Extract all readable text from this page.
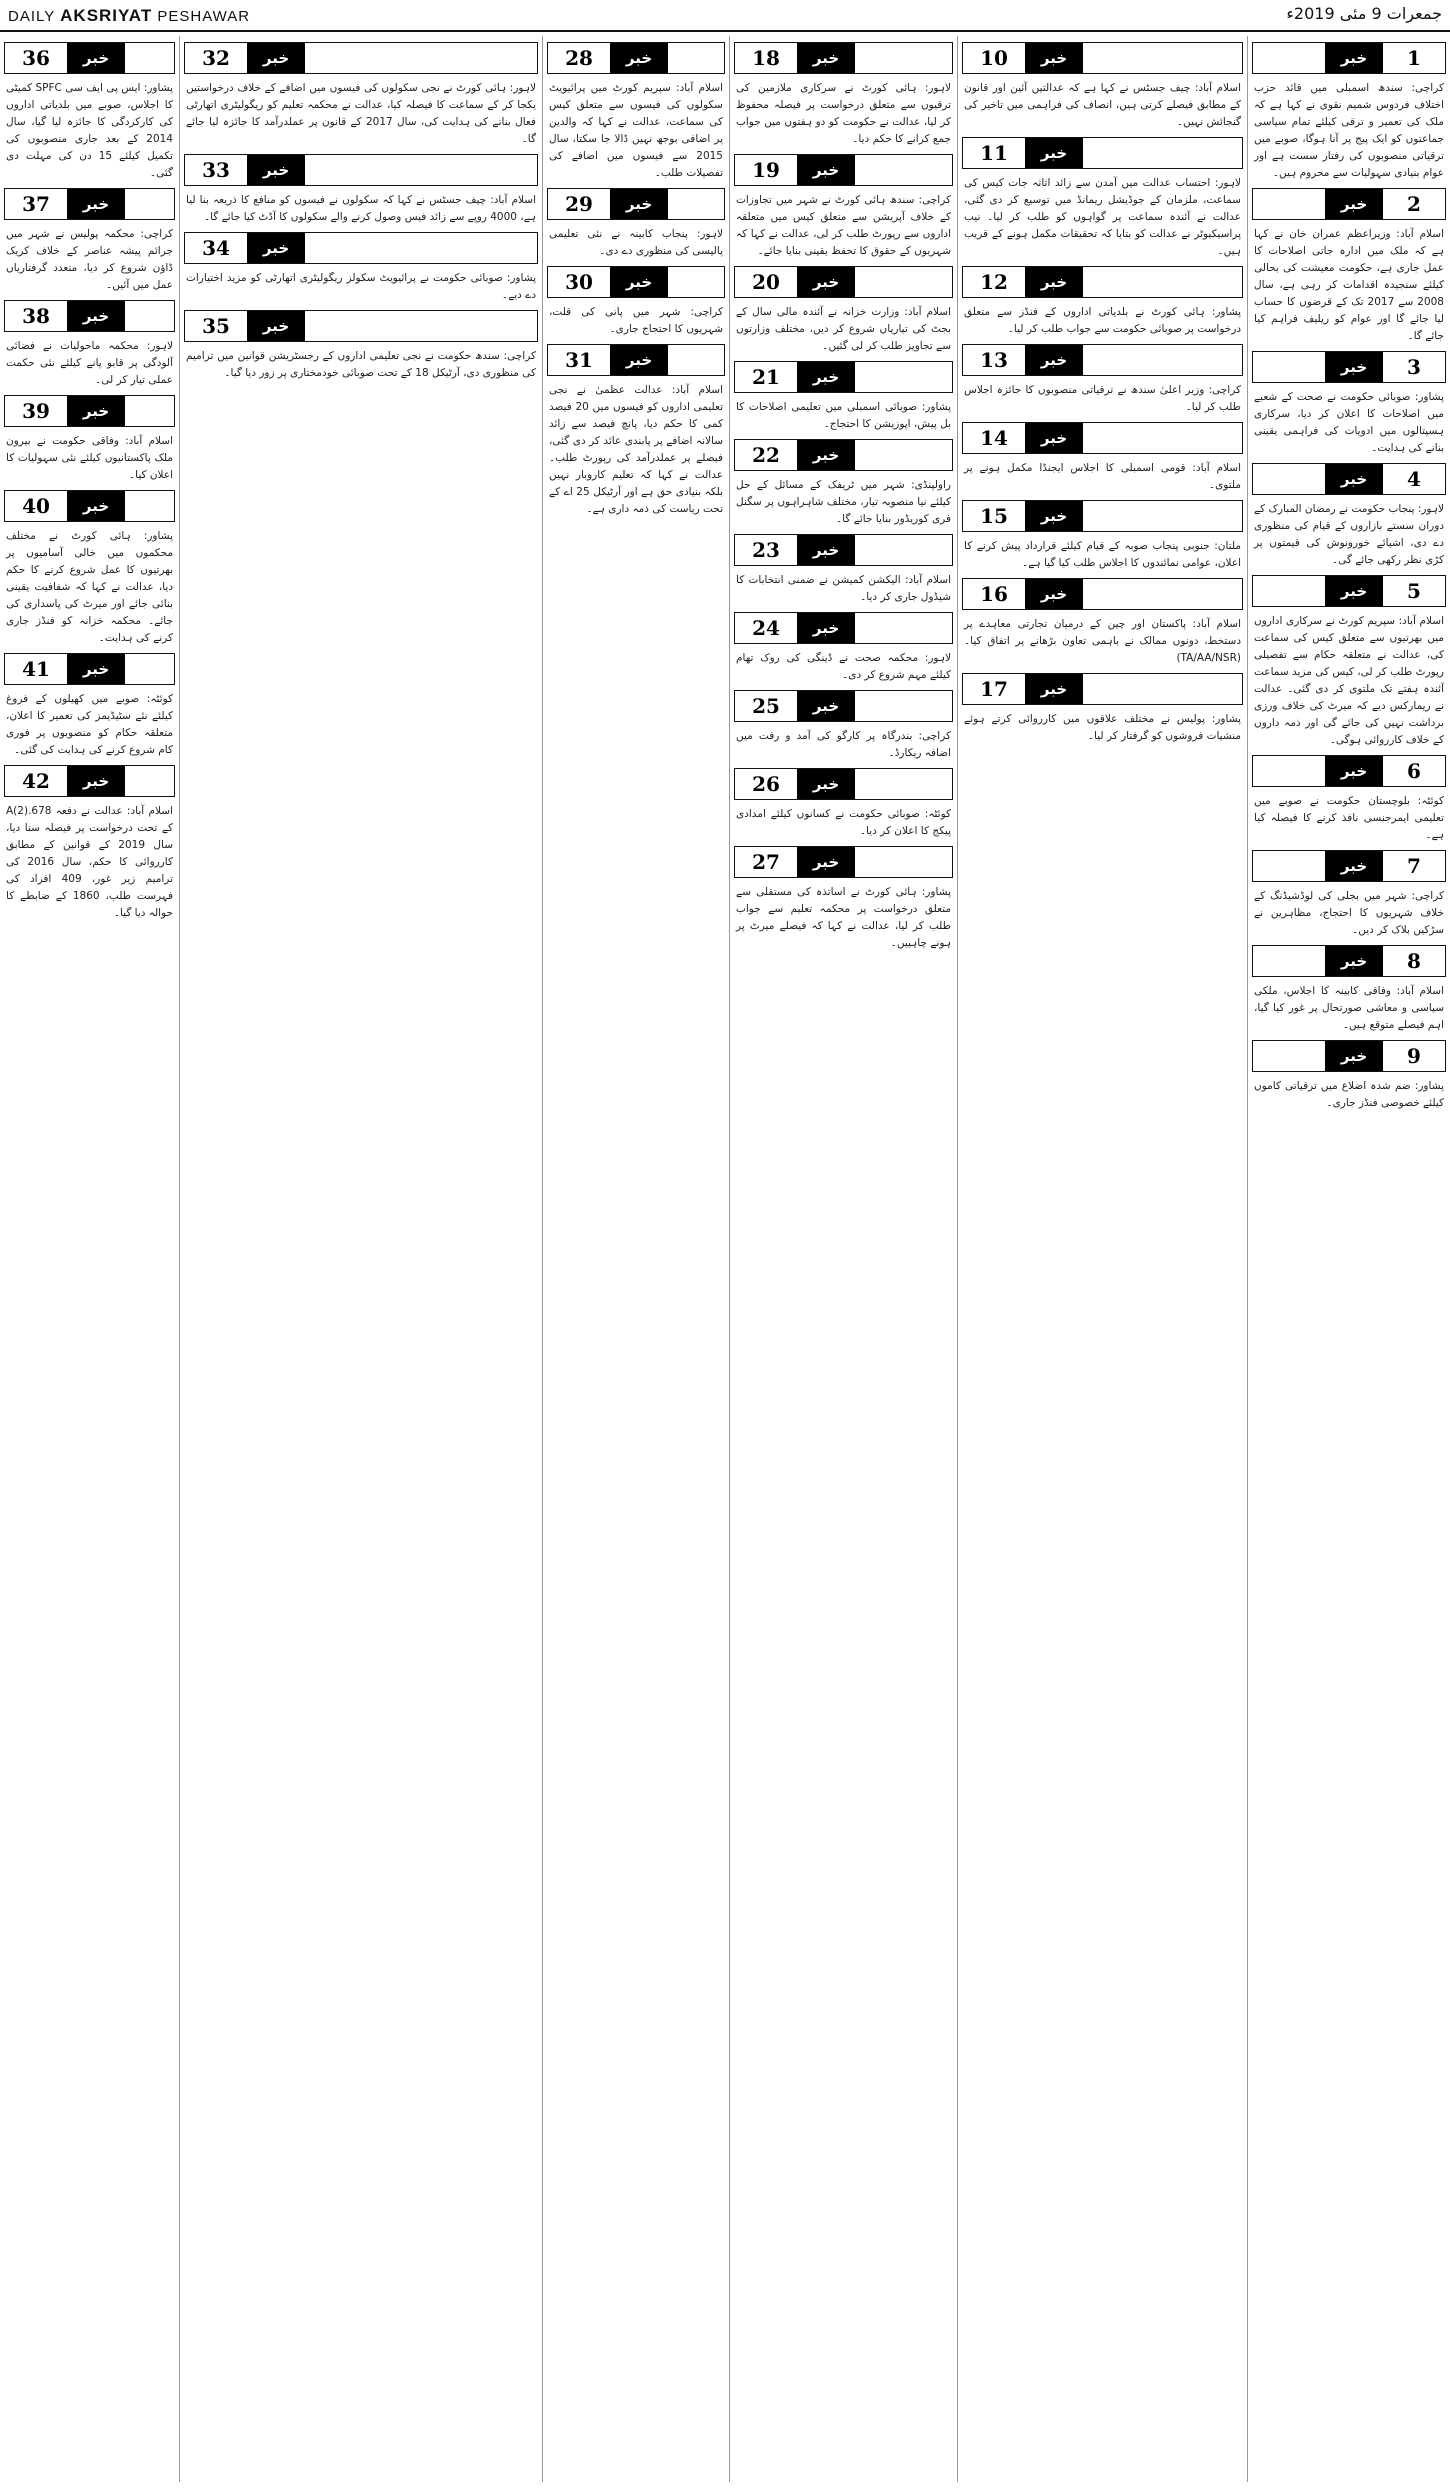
DAILY AKSRIYAT PESHAWAR	جمعرات 9 مئی 2019ء
1
خبر

کراچی: سندھ اسمبلی میں قائد حزب اختلاف فردوس شمیم نقوی نے کہا ہے کہ ملک کی تعمیر و ترقی کیلئے تمام سیاسی جماعتوں کو ایک پیج پر آنا ہوگا، صوبے میں ترقیاتی منصوبوں کی رفتار سست ہے اور عوام بنیادی سہولیات سے محروم ہیں۔

2
خبر

اسلام آباد: وزیراعظم عمران خان نے کہا ہے کہ ملک میں ادارہ جاتی اصلاحات کا عمل جاری ہے، حکومت معیشت کی بحالی کیلئے سنجیدہ اقدامات کر رہی ہے، سال 2008 سے 2017 تک کے قرضوں کا حساب لیا جائے گا اور عوام کو ریلیف فراہم کیا جائے گا۔

3
خبر

پشاور: صوبائی حکومت نے صحت کے شعبے میں اصلاحات کا اعلان کر دیا، سرکاری ہسپتالوں میں ادویات کی فراہمی یقینی بنانے کی ہدایت۔

4
خبر

لاہور: پنجاب حکومت نے رمضان المبارک کے دوران سستے بازاروں کے قیام کی منظوری دے دی، اشیائے خورونوش کی قیمتوں پر کڑی نظر رکھی جائے گی۔

5
خبر

اسلام آباد: سپریم کورٹ نے سرکاری اداروں میں بھرتیوں سے متعلق کیس کی سماعت کی، عدالت نے متعلقہ حکام سے تفصیلی رپورٹ طلب کر لی، کیس کی مزید سماعت آئندہ ہفتے تک ملتوی کر دی گئی۔ عدالت نے ریمارکس دیے کہ میرٹ کی خلاف ورزی برداشت نہیں کی جائے گی اور ذمہ داروں کے خلاف کارروائی ہوگی۔

6
خبر

کوئٹہ: بلوچستان حکومت نے صوبے میں تعلیمی ایمرجنسی نافذ کرنے کا فیصلہ کیا ہے۔

7
خبر

کراچی: شہر میں بجلی کی لوڈشیڈنگ کے خلاف شہریوں کا احتجاج، مظاہرین نے سڑکیں بلاک کر دیں۔

8
خبر

اسلام آباد: وفاقی کابینہ کا اجلاس، ملکی سیاسی و معاشی صورتحال پر غور کیا گیا، اہم فیصلے متوقع ہیں۔

9
خبر

پشاور: ضم شدہ اضلاع میں ترقیاتی کاموں کیلئے خصوصی فنڈز جاری۔

10	خبر

اسلام آباد: چیف جسٹس نے کہا ہے کہ عدالتیں آئین اور قانون کے مطابق فیصلے کرتی ہیں، انصاف کی فراہمی میں تاخیر کی گنجائش نہیں۔

11	خبر

لاہور: احتساب عدالت میں آمدن سے زائد اثاثہ جات کیس کی سماعت، ملزمان کے جوڈیشل ریمانڈ میں توسیع کر دی گئی، عدالت نے آئندہ سماعت پر گواہوں کو طلب کر لیا۔ نیب پراسیکیوٹر نے عدالت کو بتایا کہ تحقیقات مکمل ہونے کے قریب ہیں۔

12	خبر

پشاور: ہائی کورٹ نے بلدیاتی اداروں کے فنڈز سے متعلق درخواست پر صوبائی حکومت سے جواب طلب کر لیا۔

13	خبر

کراچی: وزیر اعلیٰ سندھ نے ترقیاتی منصوبوں کا جائزہ اجلاس طلب کر لیا۔

14	خبر

اسلام آباد: قومی اسمبلی کا اجلاس ایجنڈا مکمل ہونے پر ملتوی۔

15	خبر

ملتان: جنوبی پنجاب صوبہ کے قیام کیلئے قرارداد پیش کرنے کا اعلان، عوامی نمائندوں کا اجلاس طلب کیا گیا ہے۔

16	خبر

اسلام آباد: پاکستان اور چین کے درمیان تجارتی معاہدے پر دستخط، دونوں ممالک نے باہمی تعاون بڑھانے پر اتفاق کیا۔ (TA/AA/NSR)

17	خبر

پشاور: پولیس نے مختلف علاقوں میں کارروائی کرتے ہوئے منشیات فروشوں کو گرفتار کر لیا۔

18	خبر

لاہور: ہائی کورٹ نے سرکاری ملازمین کی ترقیوں سے متعلق درخواست پر فیصلہ محفوظ کر لیا، عدالت نے حکومت کو دو ہفتوں میں جواب جمع کرانے کا حکم دیا۔

19	خبر

کراچی: سندھ ہائی کورٹ نے شہر میں تجاوزات کے خلاف آپریشن سے متعلق کیس میں متعلقہ اداروں سے رپورٹ طلب کر لی، عدالت نے کہا کہ شہریوں کے حقوق کا تحفظ یقینی بنایا جائے۔

20	خبر

اسلام آباد: وزارت خزانہ نے آئندہ مالی سال کے بجٹ کی تیاریاں شروع کر دیں، مختلف وزارتوں سے تجاویز طلب کر لی گئیں۔

21	خبر

پشاور: صوبائی اسمبلی میں تعلیمی اصلاحات کا بل پیش، اپوزیشن کا احتجاج۔

22	خبر

راولپنڈی: شہر میں ٹریفک کے مسائل کے حل کیلئے نیا منصوبہ تیار، مختلف شاہراہوں پر سگنل فری کوریڈور بنایا جائے گا۔

23	خبر

اسلام آباد: الیکشن کمیشن نے ضمنی انتخابات کا شیڈول جاری کر دیا۔

24	خبر

لاہور: محکمہ صحت نے ڈینگی کی روک تھام کیلئے مہم شروع کر دی۔

25	خبر

کراچی: بندرگاہ پر کارگو کی آمد و رفت میں اضافہ ریکارڈ۔

26	خبر

کوئٹہ: صوبائی حکومت نے کسانوں کیلئے امدادی پیکج کا اعلان کر دیا۔

27	خبر

پشاور: ہائی کورٹ نے اساتذہ کی مستقلی سے متعلق درخواست پر محکمہ تعلیم سے جواب طلب کر لیا، عدالت نے کہا کہ فیصلے میرٹ پر ہونے چاہییں۔

28	خبر

اسلام آباد: سپریم کورٹ میں پرائیویٹ سکولوں کی فیسوں سے متعلق کیس کی سماعت، عدالت نے کہا کہ والدین پر اضافی بوجھ نہیں ڈالا جا سکتا، سال 2015 سے فیسوں میں اضافے کی تفصیلات طلب۔

29	خبر

لاہور: پنجاب کابینہ نے نئی تعلیمی پالیسی کی منظوری دے دی۔

30	خبر

کراچی: شہر میں پانی کی قلت، شہریوں کا احتجاج جاری۔

31	خبر

اسلام آباد: عدالت عظمیٰ نے نجی تعلیمی اداروں کو فیسوں میں 20 فیصد کمی کا حکم دیا، پانچ فیصد سے زائد سالانہ اضافے پر پابندی عائد کر دی گئی، فیصلے پر عملدرآمد کی رپورٹ طلب۔ عدالت نے کہا کہ تعلیم کاروبار نہیں بلکہ بنیادی حق ہے اور آرٹیکل 25 اے کے تحت ریاست کی ذمہ داری ہے۔

32	خبر

لاہور: ہائی کورٹ نے نجی سکولوں کی فیسوں میں اضافے کے خلاف درخواستیں یکجا کر کے سماعت کا فیصلہ کیا، عدالت نے محکمہ تعلیم کو ریگولیٹری اتھارٹی فعال بنانے کی ہدایت کی، سال 2017 کے قانون پر عملدرآمد کا جائزہ لیا جائے گا۔

33	خبر

اسلام آباد: چیف جسٹس نے کہا کہ سکولوں نے فیسوں کو منافع کا ذریعہ بنا لیا ہے، 4000 روپے سے زائد فیس وصول کرنے والے سکولوں کا آڈٹ کیا جائے گا۔

34	خبر

پشاور: صوبائی حکومت نے پرائیویٹ سکولز ریگولیٹری اتھارٹی کو مزید اختیارات دے دیے۔

35	خبر

کراچی: سندھ حکومت نے نجی تعلیمی اداروں کے رجسٹریشن قوانین میں ترامیم کی منظوری دی، آرٹیکل 18 کے تحت صوبائی خودمختاری پر زور دیا گیا۔

36	خبر

پشاور: ایس پی ایف سی SPFC کمیٹی کا اجلاس، صوبے میں بلدیاتی اداروں کی کارکردگی کا جائزہ لیا گیا، سال 2014 کے بعد جاری منصوبوں کی تکمیل کیلئے 15 دن کی مہلت دی گئی۔

37	خبر

کراچی: محکمہ پولیس نے شہر میں جرائم پیشہ عناصر کے خلاف کریک ڈاؤن شروع کر دیا، متعدد گرفتاریاں عمل میں آئیں۔

38	خبر

لاہور: محکمہ ماحولیات نے فضائی آلودگی پر قابو پانے کیلئے نئی حکمت عملی تیار کر لی۔

39	خبر

اسلام آباد: وفاقی حکومت نے بیرون ملک پاکستانیوں کیلئے نئی سہولیات کا اعلان کیا۔

40	خبر

پشاور: ہائی کورٹ نے مختلف محکموں میں خالی آسامیوں پر بھرتیوں کا عمل شروع کرنے کا حکم دیا، عدالت نے کہا کہ شفافیت یقینی بنائی جائے اور میرٹ کی پاسداری کی جائے۔ محکمہ خزانہ کو فنڈز جاری کرنے کی ہدایت۔

41	خبر

کوئٹہ: صوبے میں کھیلوں کے فروغ کیلئے نئے سٹیڈیمز کی تعمیر کا اعلان، متعلقہ حکام کو منصوبوں پر فوری کام شروع کرنے کی ہدایت کی گئی۔

42	خبر

اسلام آباد: عدالت نے دفعہ 678.A(2) کے تحت درخواست پر فیصلہ سنا دیا، سال 2019 کے قوانین کے مطابق کارروائی کا حکم، سال 2016 کی ترامیم زیر غور، 409 افراد کی فہرست طلب، 1860 کے ضابطے کا حوالہ دیا گیا۔
